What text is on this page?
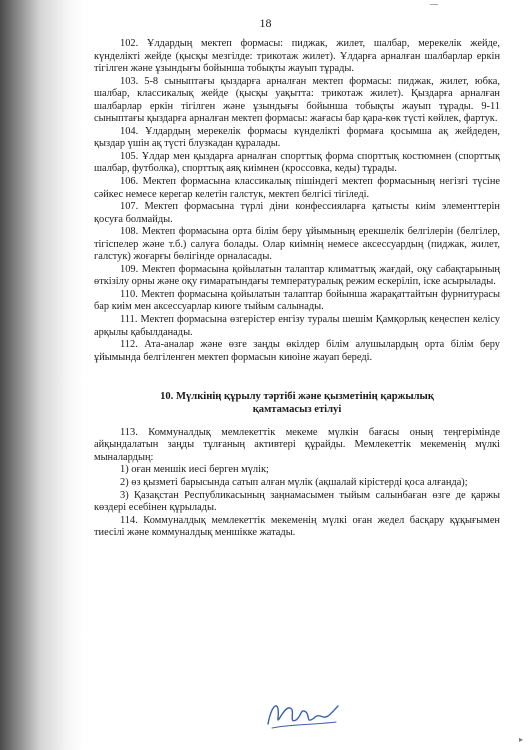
18

102. Ұлдардың мектеп формасы: пиджак, жилет, шалбар, мерекелік жейде, күнделікті жейде (қысқы мезгілде: трикотаж жилет). Ұлдарға арналған шалбарлар еркін тігілген және ұзындығы бойынша тобықты жауып тұрады.

103. 5-8 сыныптағы қыздарға арналған мектеп формасы: пиджак, жилет, юбка, шалбар, классикалық жейде (қысқы уақытта: трикотаж жилет). Қыздарға арналған шалбарлар еркін тігілген және ұзындығы бойынша тобықты жауып тұрады. 9-11 сыныптағы қыздарға арналған мектеп формасы: жағасы бар қара-көк түсті көйлек, фартук.

104. Ұлдардың мерекелік формасы күнделікті формаға қосымша ақ жейдеден, қыздар үшін ақ түсті блузкадан құралады.

105. Ұлдар мен қыздарға арналған спорттық форма спорттық костюмнен (спорттық шалбар, футболка), спорттық аяқ киімнен (кроссовка, кеды) тұрады.

106. Мектеп формасына классикалық пішіндегі мектеп формасының негізгі түсіне сәйкес немесе керегар келетін галстук, мектеп белгісі тігіледі.

107. Мектеп формасына түрлі діни конфессияларға қатысты киім элементтерін қосуға болмайды.

108. Мектеп формасына орта білім беру ұйымының ерекшелік белгілерін (белгілер, тігіспелер және т.б.) салуға болады. Олар киімнің немесе аксессуардың (пиджак, жилет, галстук) жоғарғы бөлігінде орналасады.

109. Мектеп формасына қойылатын талаптар климаттық жағдай, оқу сабақтарының өткізілу орны және оқу ғимаратындағы температуралық режим ескеріліп, іске асырылады.

110. Мектеп формасына қойылатын талаптар бойынша жарақаттайтын фурнитурасы бар киім мен аксессуарлар киюге тыйым салынады.

111. Мектеп формасына өзгерістер енгізу туралы шешім Қамқорлық кеңеспен келісу арқылы қабылданады.

112. Ата-аналар және өзге заңды өкілдер білім алушылардың орта білім беру ұйымында белгіленген мектеп формасын киюіне жауап береді.

10. Мүлкінің құрылу тәртібі және қызметінің қаржылық
қамтамасыз етілуі

113. Коммуналдық мемлекеттік мекеме мүлкін бағасы оның теңгерімінде айқындалатын заңды тұлғаның активтері құрайды. Мемлекеттік мекеменің мүлкі мыналардың:

1) оған меншік иесі берген мүлік;

2) өз қызметі барысында сатып алған мүлік (ақшалай кірістерді қоса алғанда);

3) Қазақстан Республикасының заңнамасымен тыйым салынбаған өзге де қаржы көздері есебінен құрылады.

114. Коммуналдық мемлекеттік мекеменің мүлкі оған жедел басқару құқығымен тиесілі және коммуналдық меншікке жатады.

▸
